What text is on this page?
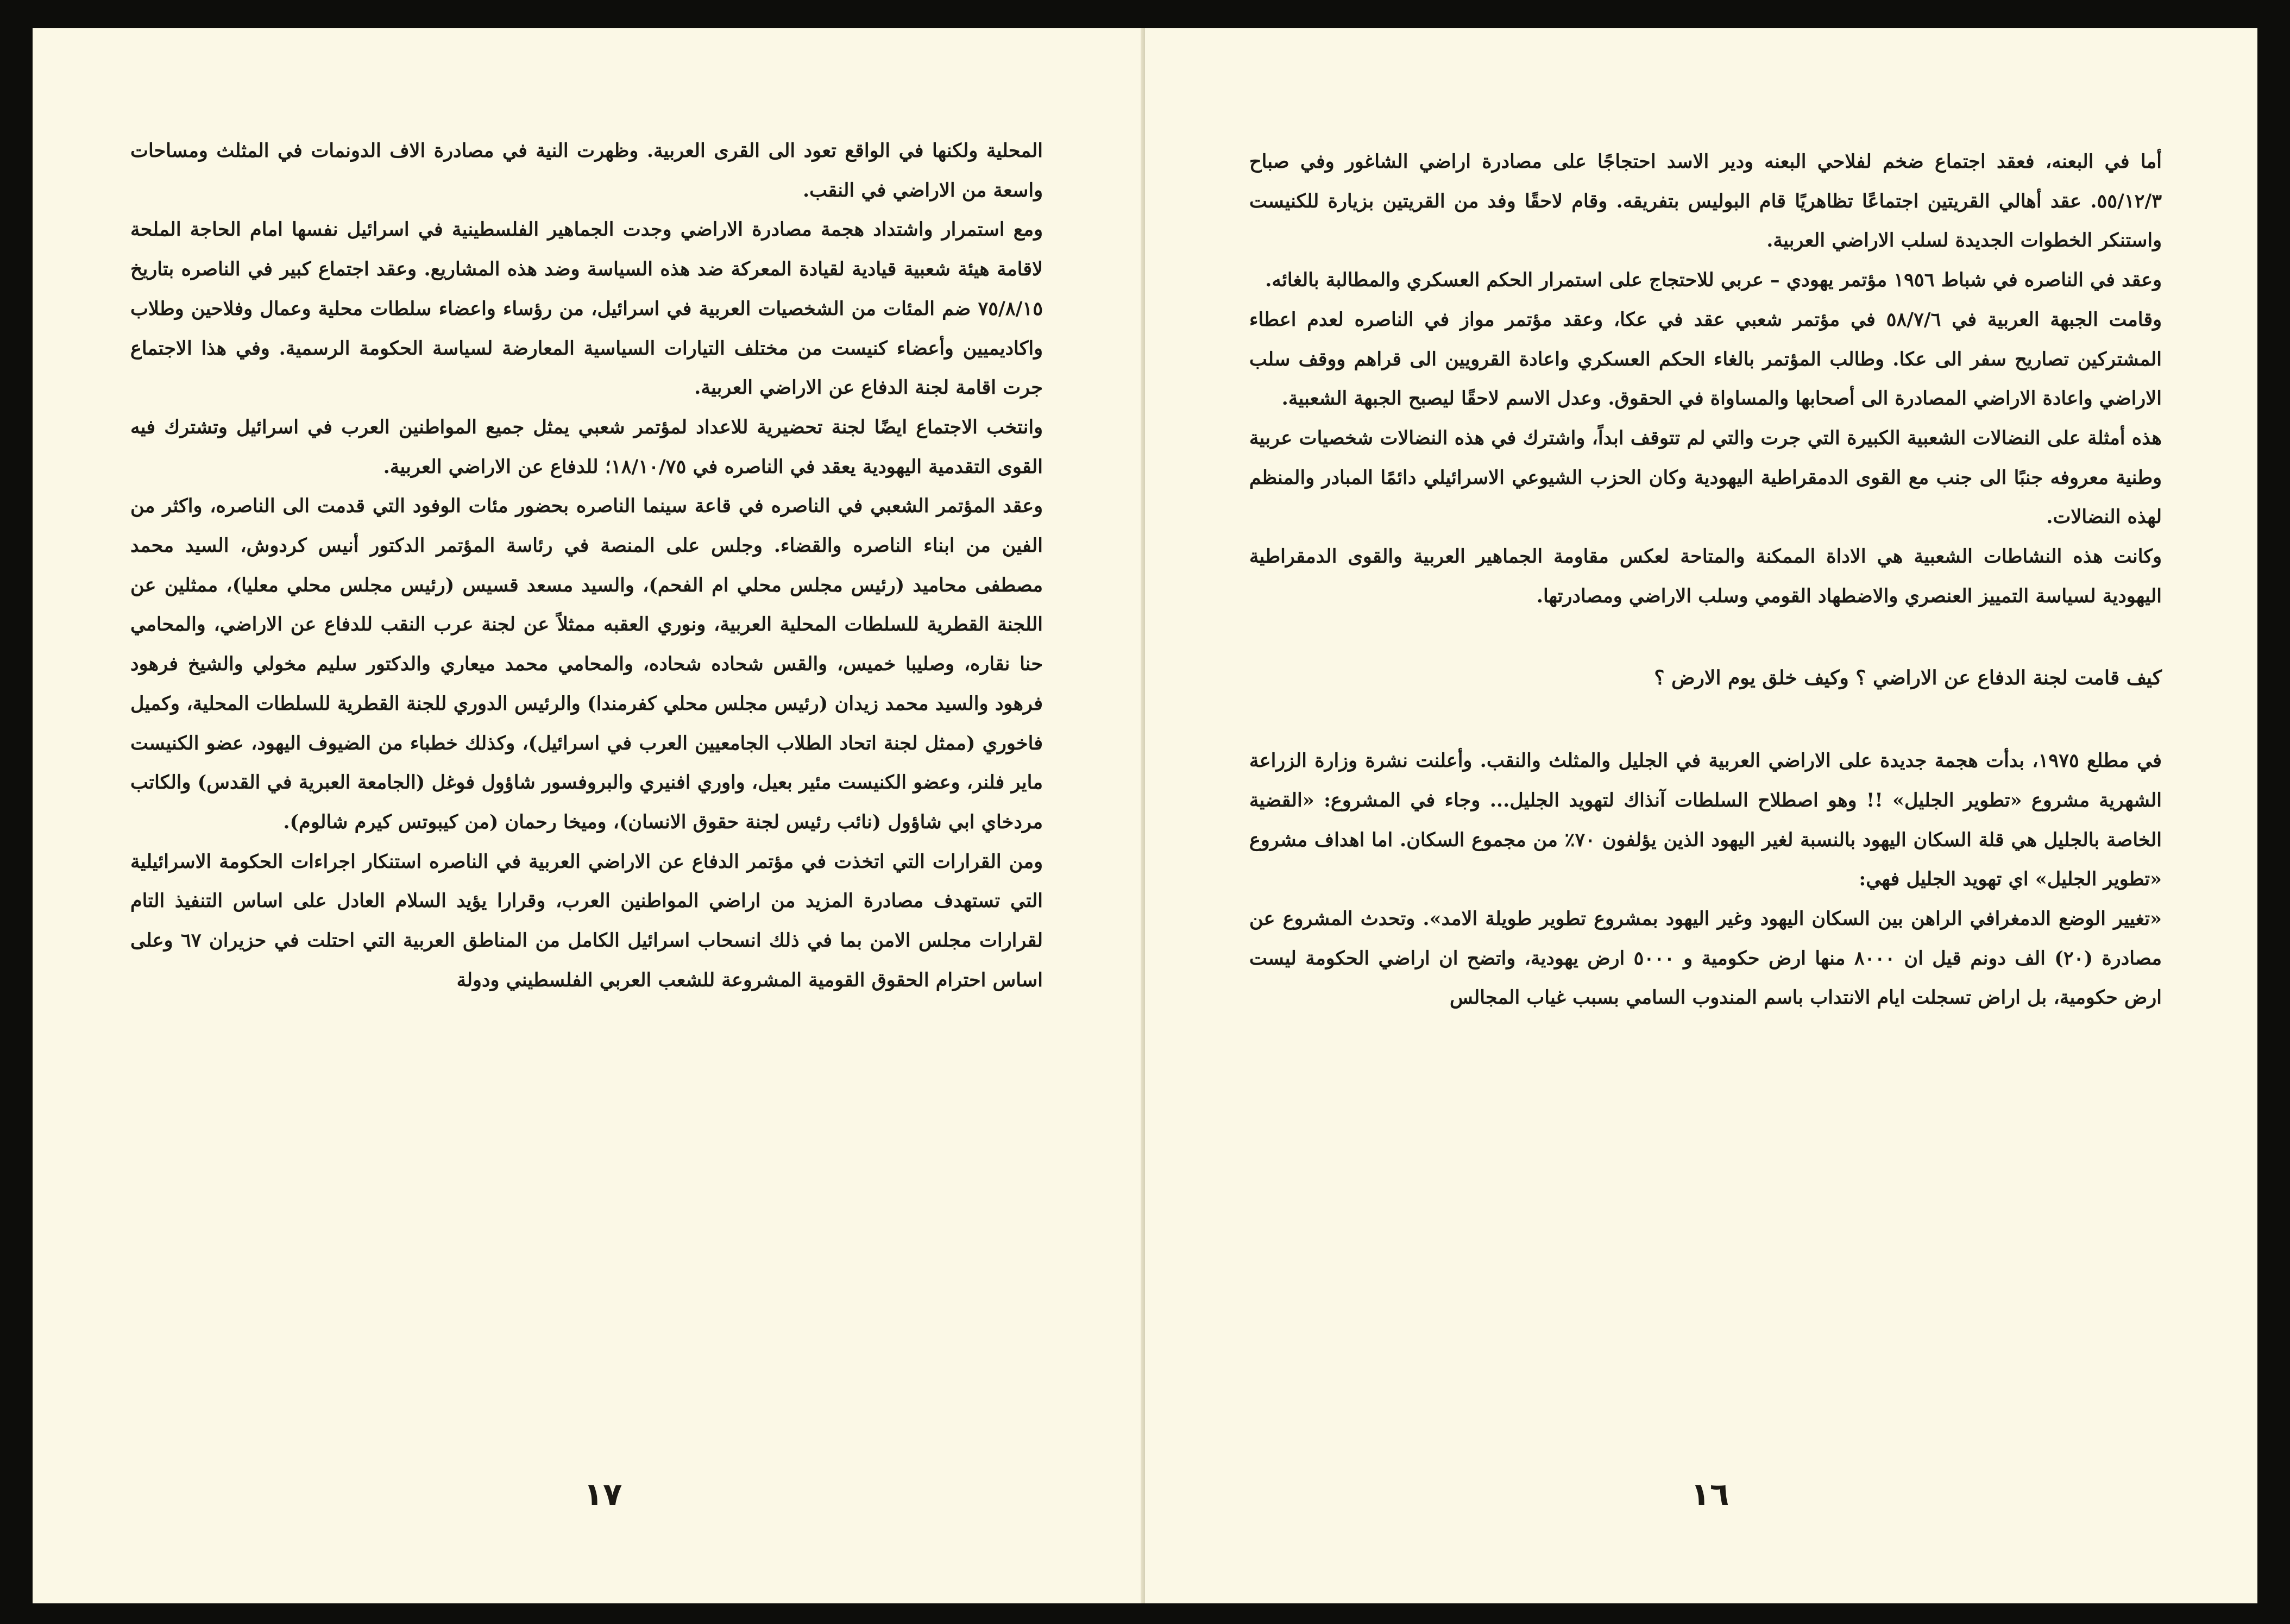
المحلية ولكنها في الواقع تعود الى القرى العربية. وظهرت النية في مصادرة الاف الدونمات في المثلث ومساحات واسعة من الاراضي في النقب.

ومع استمرار واشتداد هجمة مصادرة الاراضي وجدت الجماهير الفلسطينية في اسرائيل نفسها امام الحاجة الملحة لاقامة هيئة شعبية قيادية لقيادة المعركة ضد هذه السياسة وضد هذه المشاريع. وعقد اجتماع كبير في الناصره بتاريخ ٧٥/٨/١٥ ضم المئات من الشخصيات العربية في اسرائيل، من رؤساء واعضاء سلطات محلية وعمال وفلاحين وطلاب واكاديميين وأعضاء كنيست من مختلف التيارات السياسية المعارضة لسياسة الحكومة الرسمية. وفي هذا الاجتماع جرت اقامة لجنة الدفاع عن الاراضي العربية.

وانتخب الاجتماع ايضًا لجنة تحضيرية للاعداد لمؤتمر شعبي يمثل جميع المواطنين العرب في اسرائيل وتشترك فيه القوى التقدمية اليهودية يعقد في الناصره في ١٨/١٠/٧٥؛ للدفاع عن الاراضي العربية.

وعقد المؤتمر الشعبي في الناصره في قاعة سينما الناصره بحضور مئات الوفود التي قدمت الى الناصره، واكثر من الفين من ابناء الناصره والقضاء. وجلس على المنصة في رئاسة المؤتمر الدكتور أنيس كردوش، السيد محمد مصطفى محاميد (رئيس مجلس محلي ام الفحم)، والسيد مسعد قسيس (رئيس مجلس محلي معليا)، ممثلين عن اللجنة القطرية للسلطات المحلية العربية، ونوري العقبه ممثلاً عن لجنة عرب النقب للدفاع عن الاراضي، والمحامي حنا نقاره، وصليبا خميس، والقس شحاده شحاده، والمحامي محمد ميعاري والدكتور سليم مخولي والشيخ فرهود فرهود والسيد محمد زيدان (رئيس مجلس محلي كفرمندا) والرئيس الدوري للجنة القطرية للسلطات المحلية، وكميل فاخوري (ممثل لجنة اتحاد الطلاب الجامعيين العرب في اسرائيل)، وكذلك خطباء من الضيوف اليهود، عضو الكنيست ماير فلنر، وعضو الكنيست مئير بعيل، واوري افنيري والبروفسور شاؤول فوغل (الجامعة العبرية في القدس) والكاتب مردخاي ابي شاؤول (نائب رئيس لجنة حقوق الانسان)، وميخا رحمان (من كيبوتس كيرم شالوم).

ومن القرارات التي اتخذت في مؤتمر الدفاع عن الاراضي العربية في الناصره استنكار اجراءات الحكومة الاسرائيلية التي تستهدف مصادرة المزيد من اراضي المواطنين العرب، وقرارا يؤيد السلام العادل على اساس التنفيذ التام لقرارات مجلس الامن بما في ذلك انسحاب اسرائيل الكامل من المناطق العربية التي احتلت في حزيران ٦٧ وعلى اساس احترام الحقوق القومية المشروعة للشعب العربي الفلسطيني ودولة

١٧

أما في البعنه، فعقد اجتماع ضخم لفلاحي البعنه ودير الاسد احتجاجًا على مصادرة اراضي الشاغور وفي صباح ٥٥/١٢/٣. عقد أهالي القريتين اجتماعًا تظاهريًا قام البوليس بتفريقه. وقام لاحقًا وفد من القريتين بزيارة للكنيست واستنكر الخطوات الجديدة لسلب الاراضي العربية.

وعقد في الناصره في شباط ١٩٥٦ مؤتمر يهودي – عربي للاحتجاج على استمرار الحكم العسكري والمطالبة بالغائه.

وقامت الجبهة العربية في ٥٨/٧/٦ في مؤتمر شعبي عقد في عكا، وعقد مؤتمر مواز في الناصره لعدم اعطاء المشتركين تصاريح سفر الى عكا. وطالب المؤتمر بالغاء الحكم العسكري واعادة القرويين الى قراهم ووقف سلب الاراضي واعادة الاراضي المصادرة الى أصحابها والمساواة في الحقوق. وعدل الاسم لاحقًا ليصبح الجبهة الشعبية.

هذه أمثلة على النضالات الشعبية الكبيرة التي جرت والتي لم تتوقف ابداً، واشترك في هذه النضالات شخصيات عربية وطنية معروفه جنبًا الى جنب مع القوى الدمقراطية اليهودية وكان الحزب الشيوعي الاسرائيلي دائمًا المبادر والمنظم لهذه النضالات.

وكانت هذه النشاطات الشعبية هي الاداة الممكنة والمتاحة لعكس مقاومة الجماهير العربية والقوى الدمقراطية اليهودية لسياسة التمييز العنصري والاضطهاد القومي وسلب الاراضي ومصادرتها.

كيف قامت لجنة الدفاع عن الاراضي ؟ وكيف خلق يوم الارض ؟

في مطلع ١٩٧٥، بدأت هجمة جديدة على الاراضي العربية في الجليل والمثلث والنقب. وأعلنت نشرة وزارة الزراعة الشهرية مشروع «تطوير الجليل» !! وهو اصطلاح السلطات آنذاك لتهويد الجليل... وجاء في المشروع: «القضية الخاصة بالجليل هي قلة السكان اليهود بالنسبة لغير اليهود الذين يؤلفون ٧٠٪ من مجموع السكان. اما اهداف مشروع «تطوير الجليل» اي تهويد الجليل فهي:

«تغيير الوضع الدمغرافي الراهن بين السكان اليهود وغير اليهود بمشروع تطوير طويلة الامد». وتحدث المشروع عن مصادرة (٢٠) الف دونم قيل ان ٨٠٠٠ منها ارض حكومية و ٥٠٠٠ ارض يهودية، واتضح ان اراضي الحكومة ليست ارض حكومية، بل اراض تسجلت ايام الانتداب باسم المندوب السامي بسبب غياب المجالس

١٦
